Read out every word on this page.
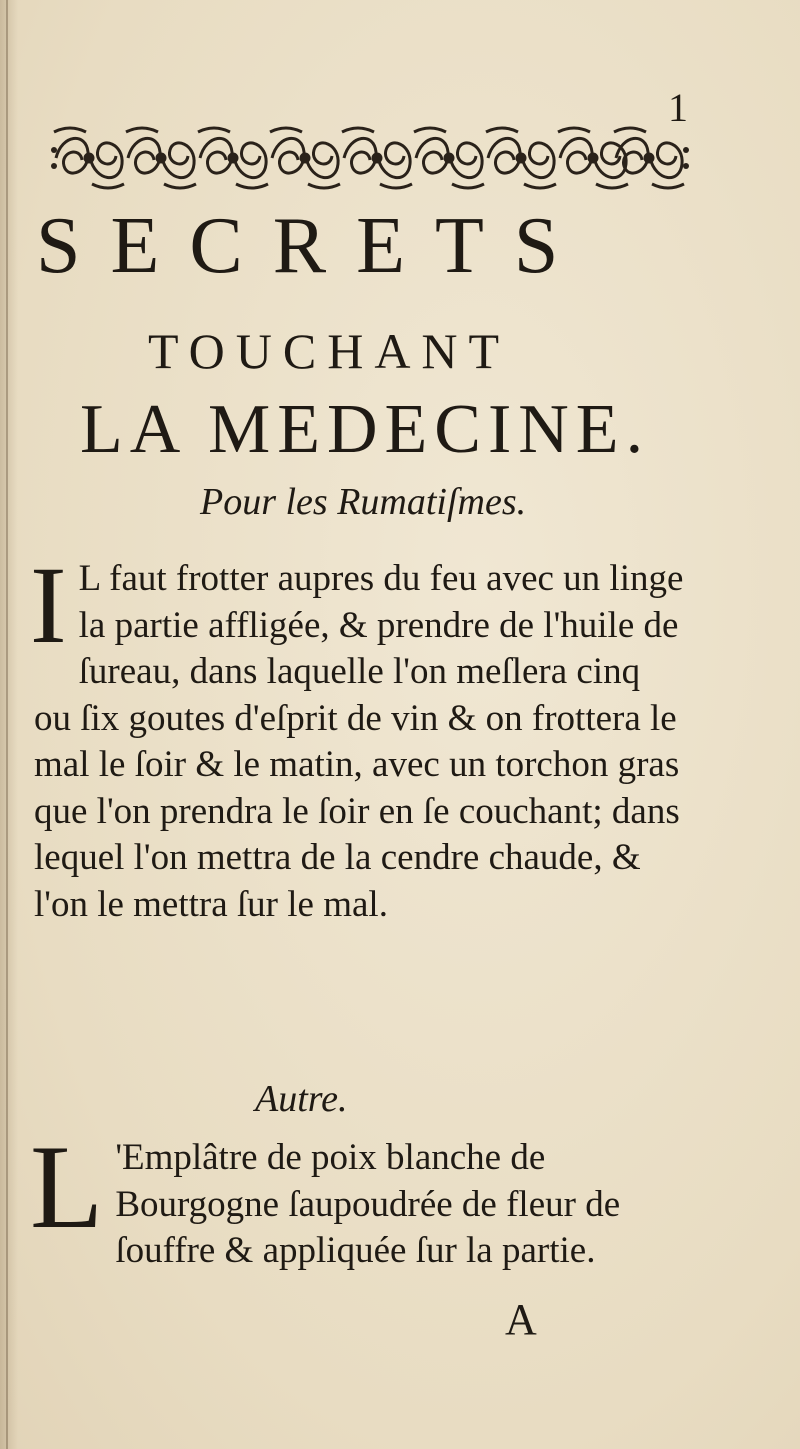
1
SECRETS
TOUCHANT
LA MEDECINE.
Pour les Rumatiſmes.
I L faut frotter aupres du feu avec un linge la partie affligée, & prendre de l'huile de ſureau, dans laquelle l'on meſlera cinq ou ſix goutes d'eſprit de vin & on frottera le mal le ſoir & le matin, avec un torchon gras que l'on prendra le ſoir en ſe couchant; dans lequel l'on mettra de la cendre chaude, & l'on le mettra ſur le mal.
Autre.
L 'Emplâtre de poix blanche de Bourgogne ſaupoudrée de fleur de ſouffre & appliquée ſur la partie.
A
